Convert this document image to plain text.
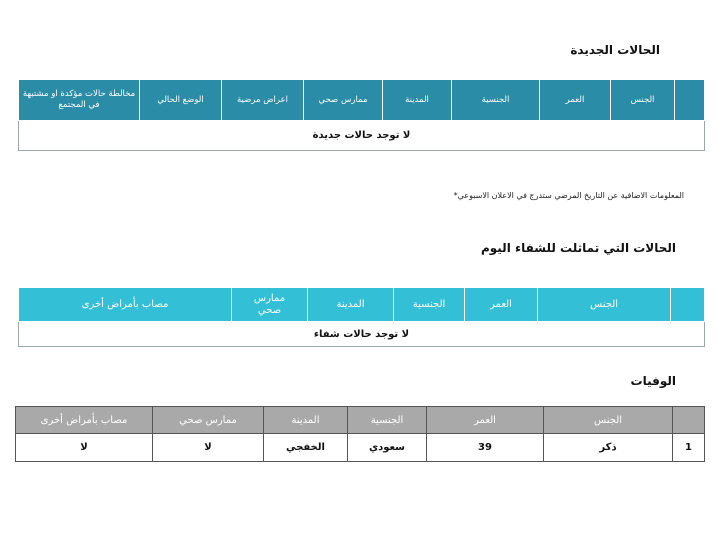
الحالات الجديدة
	الجنس	العمر	الجنسية	المدينة	ممارس صحي	اعراض مرضية	الوضع الحالي	مخالطة حالات مؤكدة او مشتبهة في المجتمع
لا توجد حالات جديدة
المعلومات الاضافية عن التاريخ المرضي ستدرج في الاعلان الاسبوعي*
الحالات التي تماثلت للشفاء اليوم
	الجنس	العمر	الجنسية	المدينة	ممارس صحي	مصاب بأمراض أخرى
لا توجد حالات شفاء
الوفيات
	الجنس	العمر	الجنسية	المدينة	ممارس صحي	مصاب بأمراض أخرى
1	ذكر	39	سعودي	الخفجي	لا	لا
